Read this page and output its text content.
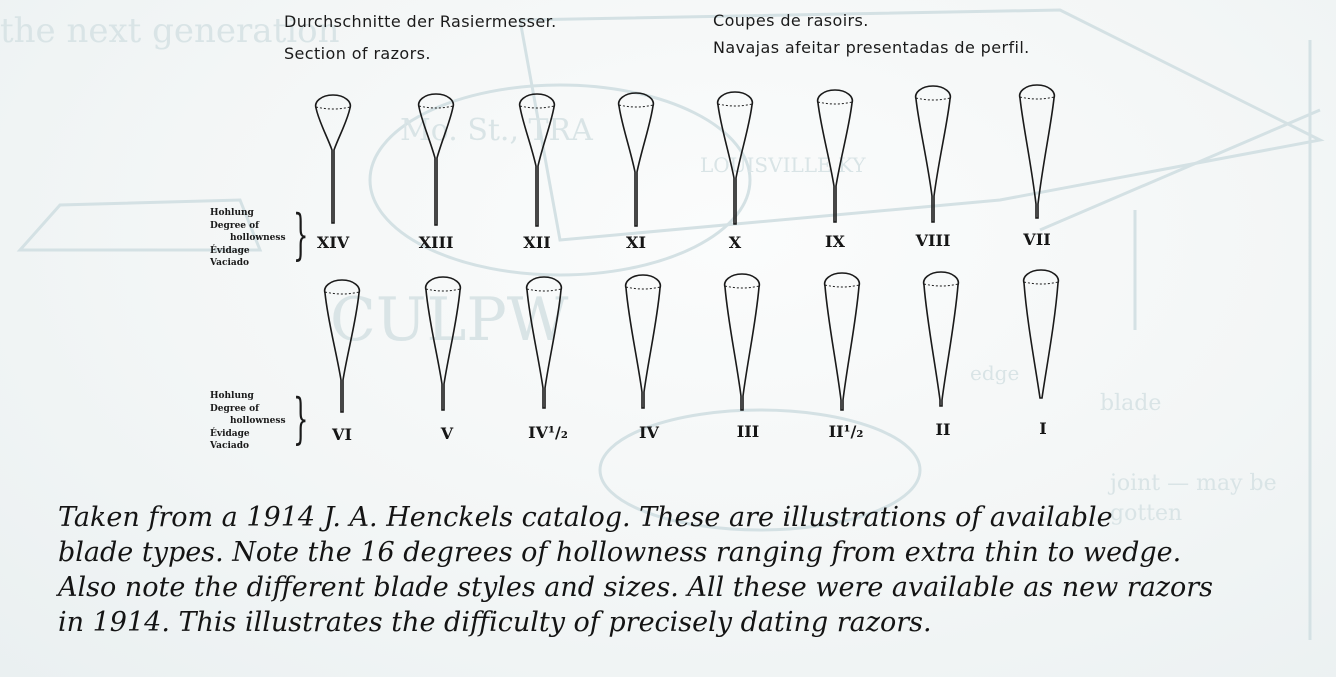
the next generation
Mo. St., TRA
LOUISVILLE KY
CULPW
blade
joint — may be
gotten
edge
Durchschnitte der Rasiermesser.
Section of razors.
Coupes de rasoirs.
Navajas afeitar presentadas de perfil.
Hohlung
Degree of
hollowness
Évidage
Vaciado }
Hohlung
Degree of
hollowness
Évidage
Vaciado }
XIV	XIII	XII	XI	X	IX	VIII	VII
VI	V	IV¹/₂	IV	III	II¹/₂	II	I

Taken from a 1914 J. A. Henckels catalog. These are illustrations of available
blade types. Note the 16 degrees of hollowness ranging from extra thin to wedge.
Also note the different blade styles and sizes. All these were available as new razors
in 1914. This illustrates the difficulty of precisely dating razors.
